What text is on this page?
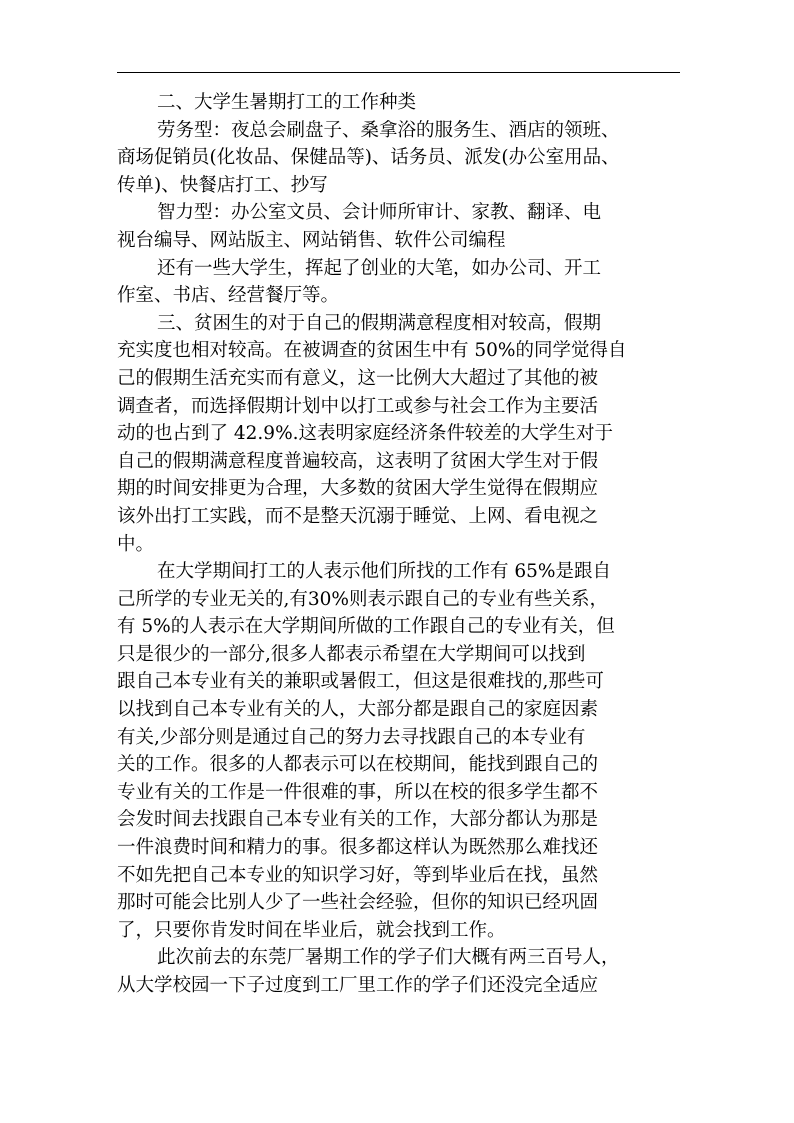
二、大学生暑期打工的工作种类
劳务型：夜总会刷盘子、桑拿浴的服务生、酒店的领班、
商场促销员(化妆品、保健品等)、话务员、派发(办公室用品、
传单)、快餐店打工、抄写
智力型：办公室文员、会计师所审计、家教、翻译、电
视台编导、网站版主、网站销售、软件公司编程
还有一些大学生，挥起了创业的大笔，如办公司、开工
作室、书店、经营餐厅等。
三、贫困生的对于自己的假期满意程度相对较高，假期
充实度也相对较高。在被调查的贫困生中有 50%的同学觉得自
己的假期生活充实而有意义，这一比例大大超过了其他的被
调查者，而选择假期计划中以打工或参与社会工作为主要活
动的也占到了 42.9%.这表明家庭经济条件较差的大学生对于
自己的假期满意程度普遍较高，这表明了贫困大学生对于假
期的时间安排更为合理，大多数的贫困大学生觉得在假期应
该外出打工实践，而不是整天沉溺于睡觉、上网、看电视之
中。
在大学期间打工的人表示他们所找的工作有 65%是跟自
己所学的专业无关的,有30%则表示跟自己的专业有些关系，
有 5%的人表示在大学期间所做的工作跟自己的专业有关，但
只是很少的一部分,很多人都表示希望在大学期间可以找到
跟自己本专业有关的兼职或暑假工，但这是很难找的,那些可
以找到自己本专业有关的人，大部分都是跟自己的家庭因素
有关,少部分则是通过自己的努力去寻找跟自己的本专业有
关的工作。很多的人都表示可以在校期间，能找到跟自己的
专业有关的工作是一件很难的事，所以在校的很多学生都不
会发时间去找跟自己本专业有关的工作，大部分都认为那是
一件浪费时间和精力的事。很多都这样认为既然那么难找还
不如先把自己本专业的知识学习好，等到毕业后在找，虽然
那时可能会比别人少了一些社会经验，但你的知识已经巩固
了，只要你肯发时间在毕业后，就会找到工作。
此次前去的东莞厂暑期工作的学子们大概有两三百号人，
从大学校园一下子过度到工厂里工作的学子们还没完全适应
